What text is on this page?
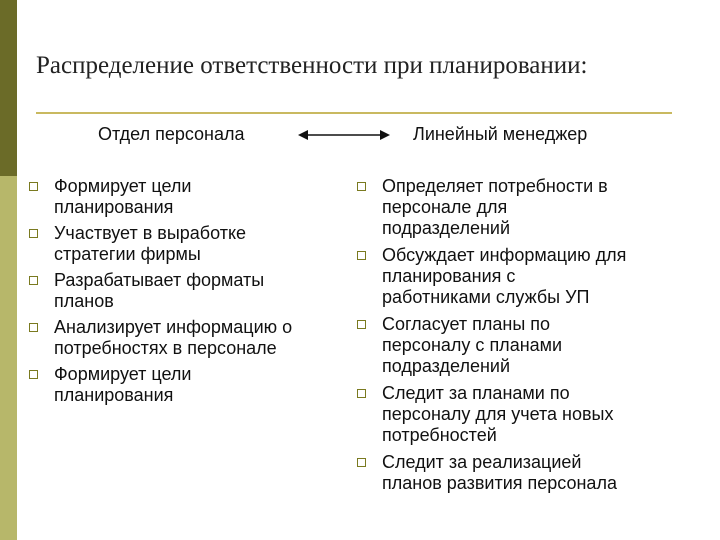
Распределение ответственности при планировании:
Отдел персонала	Линейный менеджер
Формирует цели
планирования
Участвует в выработке
стратегии фирмы
Разрабатывает форматы
планов
Анализирует информацию о
потребностях в персонале
Формирует цели
планирования
Определяет потребности в
персонале для
подразделений
Обсуждает информацию для
планирования с
работниками службы УП
Согласует планы по
персоналу с планами
подразделений
Следит за планами по
персоналу для учета новых
потребностей
Следит за реализацией
планов развития персонала
